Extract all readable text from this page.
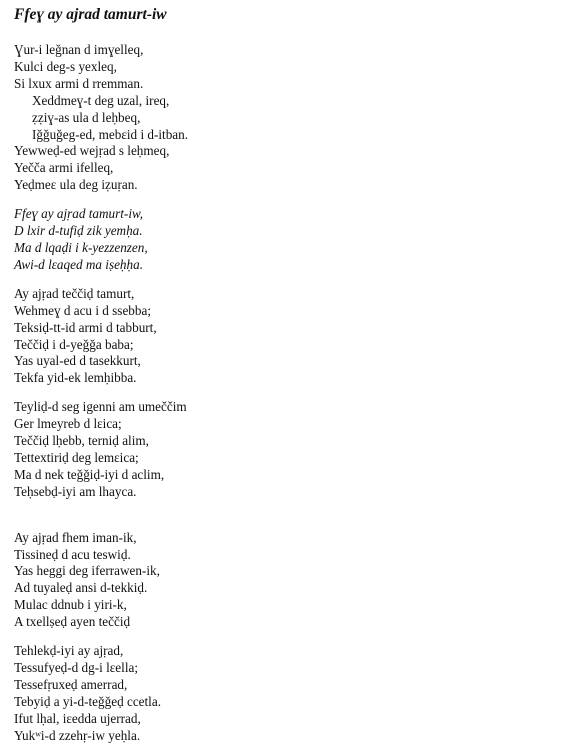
Ffeɣ ay ajrad tamurt-iw
Ɣur-i leǧnan d imɣelleq,
Kulci deg-s yexleq,
Si lxux armi d rremman.
Xeddmeɣ-t deg uzal, ireq,
ẓẓiɣ-as ula d leḥbeq,
Iǧǧuǧeg-ed, mebεid i d-itban.
Yewweḍ-ed wejṛad s leḥmeq,
Yečča armi ifelleq,
Yeḍmeε ula deg iẓuṛan.
Ffeɣ ay ajṛad tamurt-iw,
D lxir d-tufiḍ zik yemḥa.
Ma d lqaḍi i k-yezzenzen,
Awi-d lεaqed ma iṣeḥḥa.
Ay ajṛad teččiḍ tamurt,
Wehmeɣ d acu i d ssebba;
Teksiḍ-tt-id armi d tabburt,
Teččiḍ i d-yeǧǧa baba;
Yas uyal-ed d tasekkurt,
Tekfa yid-ek lemḥibba.
Teyliḍ-d seg igenni am umeččim
Ger lmeyreb d lεica;
Teččiḍ lḥebb, terniḍ alim,
Tettextiriḍ deg lemεica;
Ma d nek teǧǧiḍ-iyi d aclim,
Teḥsebḍ-iyi am lhayca.
Ay ajṛad fhem iman-ik,
Tissineḍ d acu teswiḍ.
Yas heggi deg iferrawen-ik,
Ad tuyaleḍ ansi d-tekkiḍ.
Mulac ddnub i yiri-k,
A txellṣeḍ ayen teččiḍ
Tehlekḍ-iyi ay ajṛad,
Tessufyeḍ-d dg-i lεella;
Tessefṛuxeḍ amerrad,
Tebyiḍ a yi-d-teǧǧeḍ ccetla.
Ifut lḥal, iεedda ujerrad,
Yukʷi-d zzehṛ-iw yeḥla.
